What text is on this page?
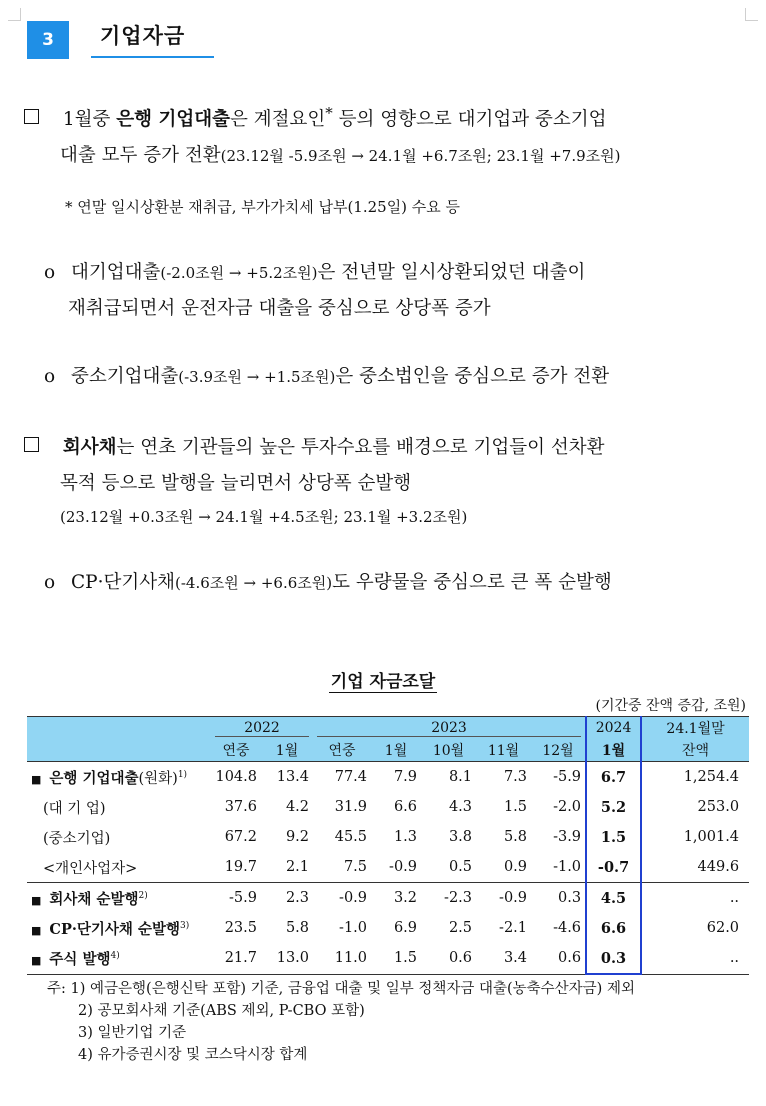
3	기업자금
1월중 은행 기업대출은 계절요인* 등의 영향으로 대기업과 중소기업
대출 모두 증가 전환(23.12월 -5.9조원 → 24.1월 +6.7조원; 23.1월 +7.9조원)
* 연말 일시상환분 재취급, 부가가치세 납부(1.25일) 수요 등
o 대기업대출(-2.0조원 → +5.2조원)은 전년말 일시상환되었던 대출이
재취급되면서 운전자금 대출을 중심으로 상당폭 증가
o 중소기업대출(-3.9조원 → +1.5조원)은 중소법인을 중심으로 증가 전환
회사채는 연초 기관들의 높은 투자수요를 배경으로 기업들이 선차환
목적 등으로 발행을 늘리면서 상당폭 순발행
(23.12월 +0.3조원 → 24.1월 +4.5조원; 23.1월 +3.2조원)
o CP·단기사채(-4.6조원 → +6.6조원)도 우량물을 중심으로 큰 폭 순발행
기업 자금조달
(기간중 잔액 증감, 조원)

	2022		2023					2024	24.1월말
	연중	1월	연중	1월	10월	11월	12월	1월	잔액
■ 은행 기업대출(원화)$^{1)}$	104.8	13.4	77.4	7.9	8.1	7.3	-5.9	6.7	1,254.4
(대 기 업)	37.6	4.2	31.9	6.6	4.3	1.5	-2.0	5.2	253.0
(중소기업)	67.2	9.2	45.5	1.3	3.8	5.8	-3.9	1.5	1,001.4
<개인사업자>	19.7	2.1	7.5	-0.9	0.5	0.9	-1.0	-0.7	449.6
■ 회사채 순발행$^{2)}$	-5.9	2.3	-0.9	3.2	-2.3	-0.9	0.3	4.5	..
■ CP·단기사채 순발행$^{3)}$	23.5	5.8	-1.0	6.9	2.5	-2.1	-4.6	6.6	62.0
■ 주식 발행$^{4)}$	21.7	13.0	11.0	1.5	0.6	3.4	0.6	0.3	..
주: 1) 예금은행(은행신탁 포함) 기준, 금융업 대출 및 일부 정책자금 대출(농축수산자금) 제외
2) 공모회사채 기준(ABS 제외, P-CBO 포함)
3) 일반기업 기준
4) 유가증권시장 및 코스닥시장 합계
